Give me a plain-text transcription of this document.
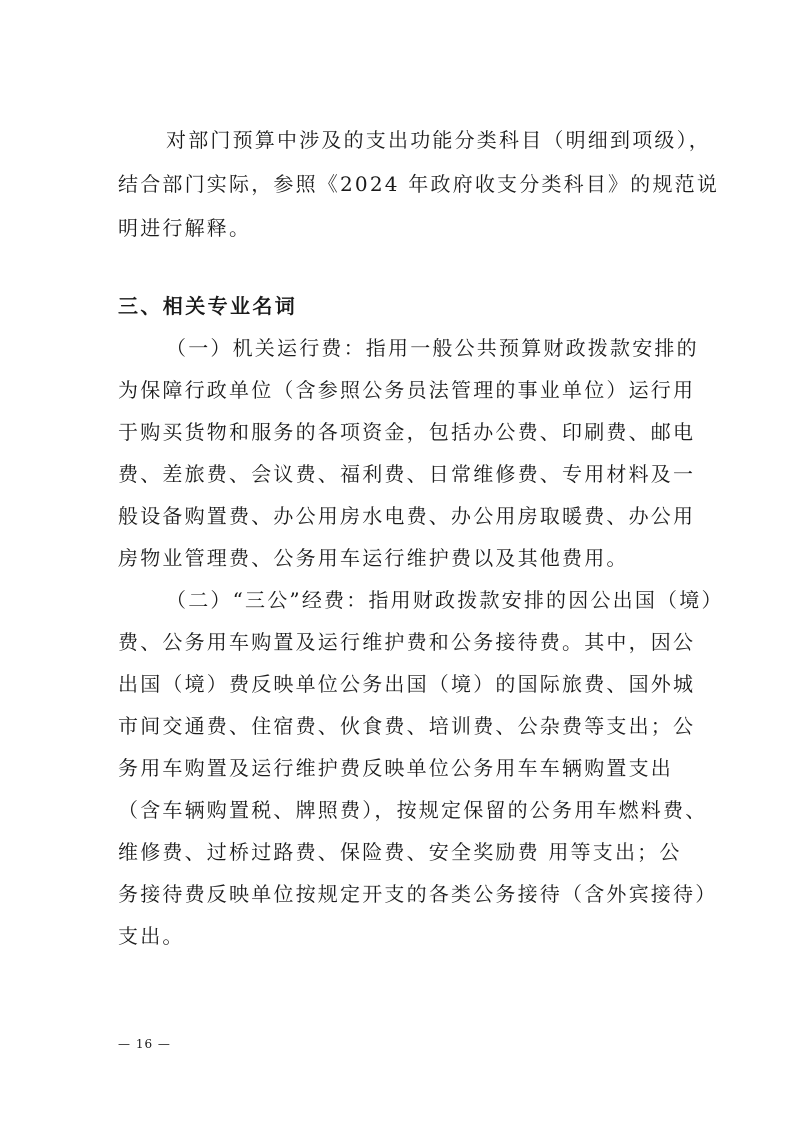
对部门预算中涉及的支出功能分类科目（明细到项级），
结合部门实际，参照《2024 年政府收支分类科目》的规范说
明进行解释。
三、相关专业名词
（一）机关运行费：指用一般公共预算财政拨款安排的
为保障行政单位（含参照公务员法管理的事业单位）运行用
于购买货物和服务的各项资金，包括办公费、印刷费、邮电
费、差旅费、会议费、福利费、日常维修费、专用材料及一
般设备购置费、办公用房水电费、办公用房取暖费、办公用
房物业管理费、公务用车运行维护费以及其他费用。
（二）“三公”经费：指用财政拨款安排的因公出国（境）
费、公务用车购置及运行维护费和公务接待费。其中，因公
出国（境）费反映单位公务出国（境）的国际旅费、国外城
市间交通费、住宿费、伙食费、培训费、公杂费等支出；公
务用车购置及运行维护费反映单位公务用车车辆购置支出
（含车辆购置税、牌照费），按规定保留的公务用车燃料费、
维修费、过桥过路费、保险费、安全奖励费 用等支出；公
务接待费反映单位按规定开支的各类公务接待（含外宾接待）
支出。
— 16 —
